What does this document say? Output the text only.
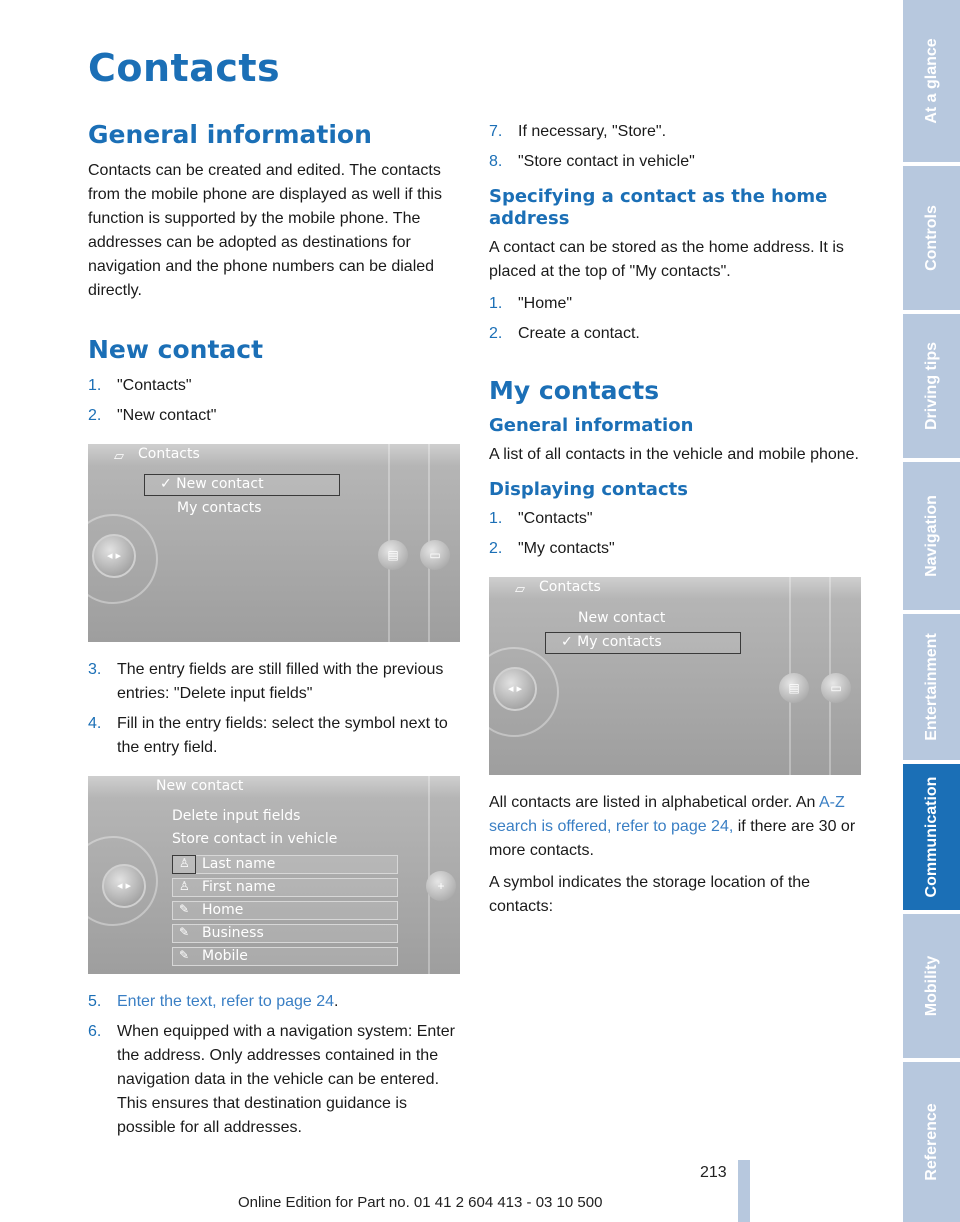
Contacts
General information

Contacts can be created and edited. The contacts from the mobile phone are displayed as well if this function is supported by the mobile phone. The addresses can be adopted as destinations for navigation and the phone numbers can be dialed directly.

New contact
1. "Contacts"
2. "New contact"
▱ Contacts
✓ New contact
My contacts
◂ ▸	▤	▭
3. The entry fields are still filled with the previous entries: "Delete input fields"
4. Fill in the entry fields: select the symbol next to the entry field.
New contact
Delete input fields
Store contact in vehicle
♙ Last name
♙ First name
✎ Home
✎ Business
✎ Mobile
◂ ▸	+
5. Enter the text, refer to page 24.
6. When equipped with a navigation system: Enter the address. Only addresses contained in the navigation data in the vehicle can be entered. This ensures that destination guidance is possible for all addresses.
7. If necessary, "Store".
8. "Store contact in vehicle"
Specifying a contact as the home address

A contact can be stored as the home address. It is placed at the top of "My contacts".

1. "Home"
2. Create a contact.
My contacts
General information

A list of all contacts in the vehicle and mobile phone.

Displaying contacts
1. "Contacts"
2. "My contacts"
▱ Contacts
New contact
✓ My contacts
◂ ▸	▤	▭

All contacts are listed in alphabetical order. An A-Z search is offered, refer to page 24, if there are 30 or more contacts.

A symbol indicates the storage location of the contacts:

At a glance
Controls
Driving tips
Navigation
Entertainment
Communication
Mobility
Reference
213
Online Edition for Part no. 01 41 2 604 413 - 03 10 500
